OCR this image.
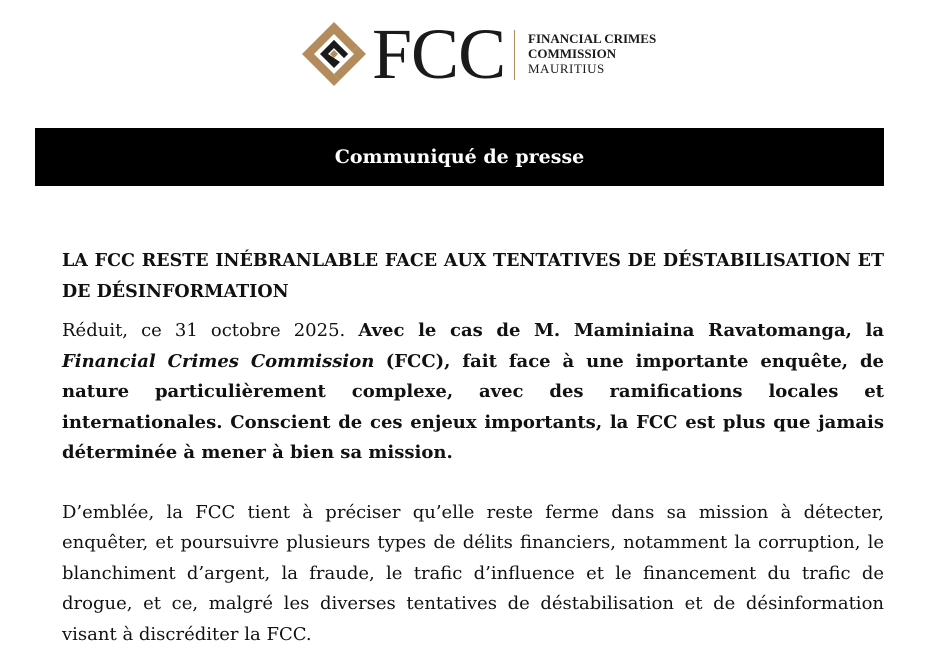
FCC FINANCIAL CRIMES
COMMISSION
MAURITIUS
Communiqué de presse
LA FCC RESTE INÉBRANLABLE FACE AUX TENTATIVES DE DÉSTABILISATION ET DE DÉSINFORMATION

Réduit, ce 31 octobre 2025. Avec le cas de M. Maminiaina Ravatomanga, la Financial Crimes Commission (FCC), fait face à une importante enquête, de nature particulièrement complexe, avec des ramifications locales et internationales. Conscient de ces enjeux importants, la FCC est plus que jamais déterminée à mener à bien sa mission.

D’emblée, la FCC tient à préciser qu’elle reste ferme dans sa mission à détecter, enquêter, et poursuivre plusieurs types de délits financiers, notamment la corruption, le blanchiment d’argent, la fraude, le trafic d’influence et le financement du trafic de drogue, et ce, malgré les diverses tentatives de déstabilisation et de désinformation visant à discréditer la FCC.
